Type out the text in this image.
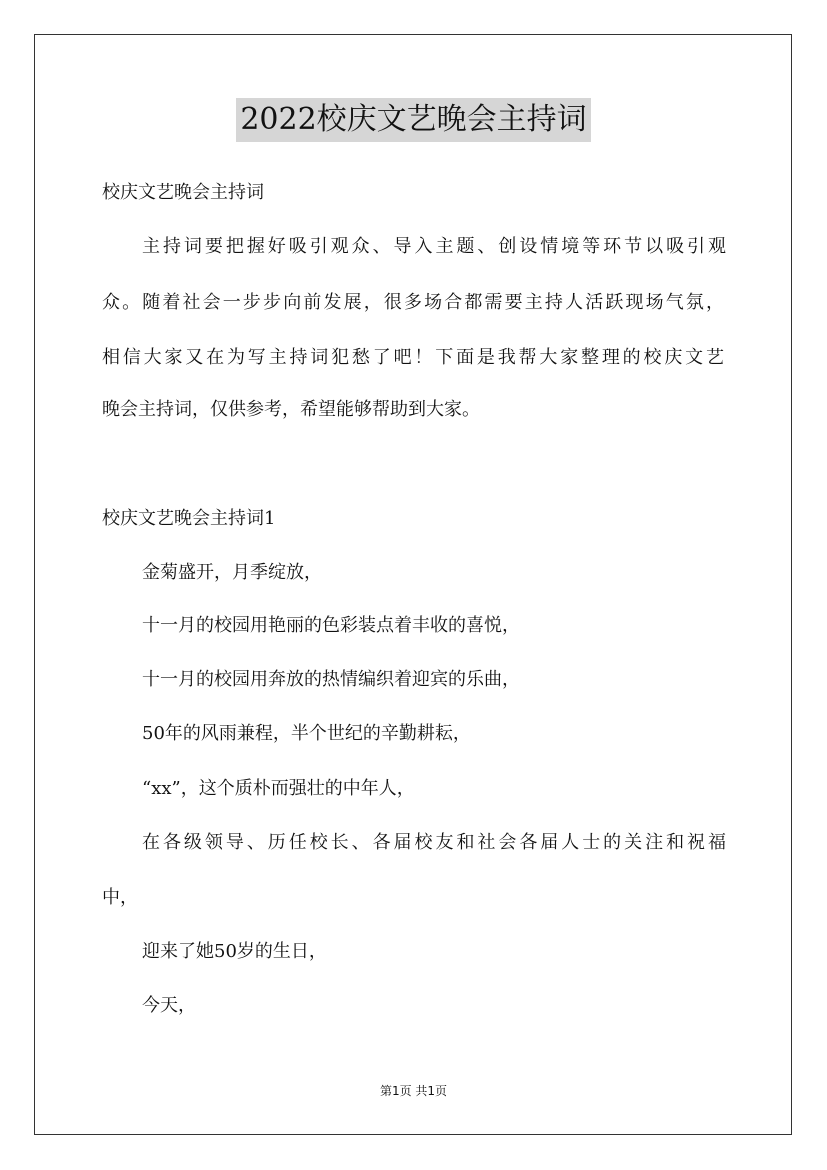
2022校庆文艺晚会主持词
校庆文艺晚会主持词
主持词要把握好吸引观众、导入主题、创设情境等环节以吸引观
众。随着社会一步步向前发展，很多场合都需要主持人活跃现场气氛，
相信大家又在为写主持词犯愁了吧！下面是我帮大家整理的校庆文艺
晚会主持词，仅供参考，希望能够帮助到大家。
校庆文艺晚会主持词1
金菊盛开，月季绽放，
十一月的校园用艳丽的色彩装点着丰收的喜悦，
十一月的校园用奔放的热情编织着迎宾的乐曲，
50年的风雨兼程，半个世纪的辛勤耕耘，
“xx”，这个质朴而强壮的中年人，
在各级领导、历任校长、各届校友和社会各届人士的关注和祝福
中，
迎来了她50岁的生日，
今天，
第1页 共1页
